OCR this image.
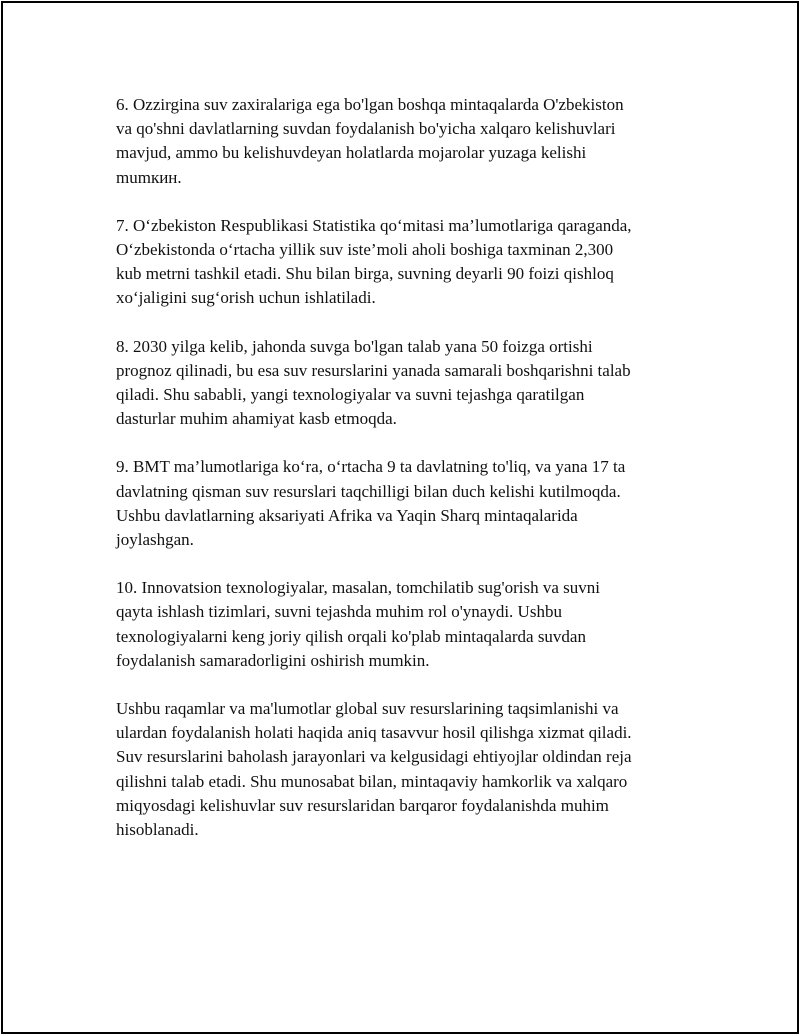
6. Ozzirgina suv zaxiralariga ega bo'lgan boshqa mintaqalarda O'zbekiston
va qo'shni davlatlarning suvdan foydalanish bo'yicha xalqaro kelishuvlari
mavjud, ammo bu kelishuvdeyan holatlarda mojarolar yuzaga kelishi
mumкин.

7. O‘zbekiston Respublikasi Statistika qo‘mitasi ma’lumotlariga qaraganda,
O‘zbekistonda o‘rtacha yillik suv iste’moli aholi boshiga taxminan 2,300
kub metrni tashkil etadi. Shu bilan birga, suvning deyarli 90 foizi qishloq
xo‘jaligini sug‘orish uchun ishlatiladi.

8. 2030 yilga kelib, jahonda suvga bo'lgan talab yana 50 foizga ortishi
prognoz qilinadi, bu esa suv resurslarini yanada samarali boshqarishni talab
qiladi. Shu sababli, yangi texnologiyalar va suvni tejashga qaratilgan
dasturlar muhim ahamiyat kasb etmoqda.

9. BMT ma’lumotlariga ko‘ra, o‘rtacha 9 ta davlatning to'liq, va yana 17 ta
davlatning qisman suv resurslari taqchilligi bilan duch kelishi kutilmoqda.
Ushbu davlatlarning aksariyati Afrika va Yaqin Sharq mintaqalarida
joylashgan.

10. Innovatsion texnologiyalar, masalan, tomchilatib sug'orish va suvni
qayta ishlash tizimlari, suvni tejashda muhim rol o'ynaydi. Ushbu
texnologiyalarni keng joriy qilish orqali ko'plab mintaqalarda suvdan
foydalanish samaradorligini oshirish mumkin.

Ushbu raqamlar va ma'lumotlar global suv resurslarining taqsimlanishi va
ulardan foydalanish holati haqida aniq tasavvur hosil qilishga xizmat qiladi.
Suv resurslarini baholash jarayonlari va kelgusidagi ehtiyojlar oldindan reja
qilishni talab etadi. Shu munosabat bilan, mintaqaviy hamkorlik va xalqaro
miqyosdagi kelishuvlar suv resurslaridan barqaror foydalanishda muhim
hisoblanadi.
